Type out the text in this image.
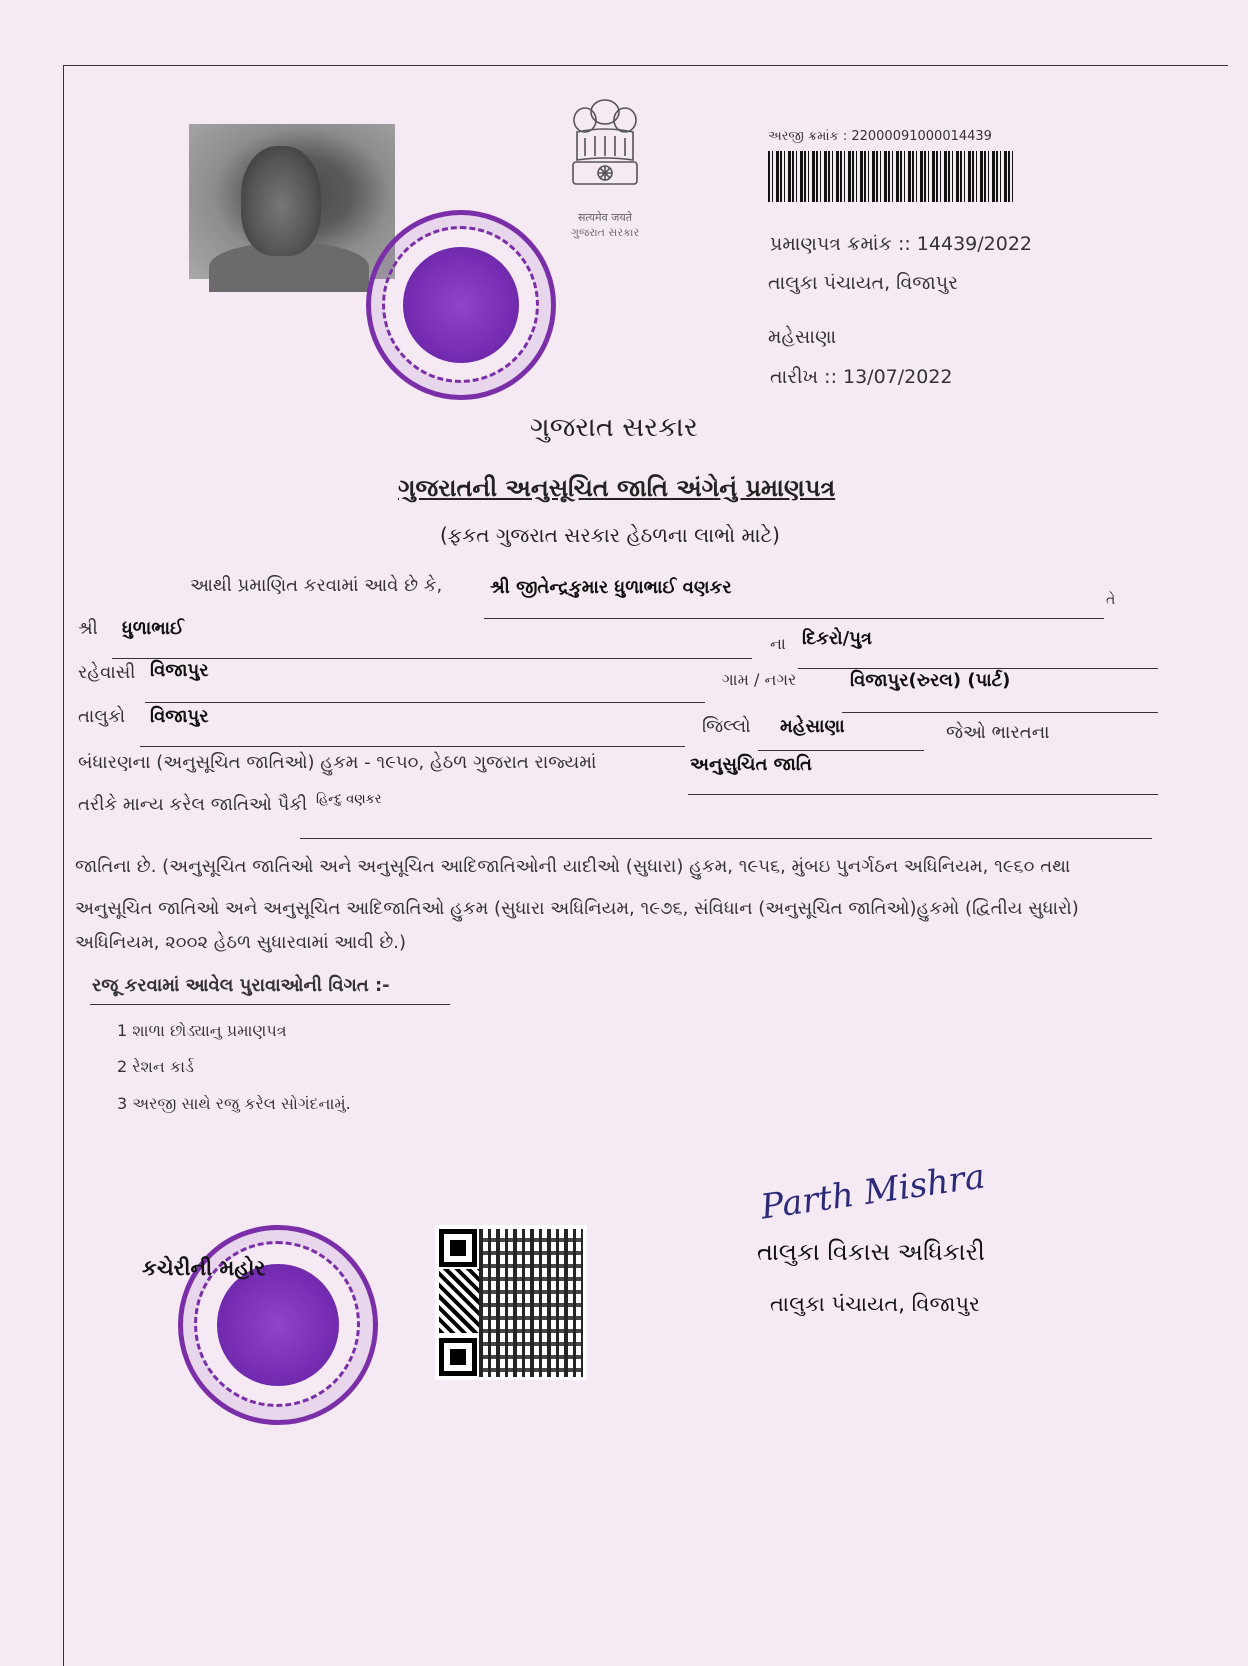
सत्यमेव जयते
ગુજરાત સરકાર
અરજી ક્રમાંક : 22000091000014439
પ્રમાણપત્ર ક્રમાંક :: 14439/2022
તાલુકા પંચાયત, વિજાપુર
મહેસાણા
તારીખ :: 13/07/2022
ગુજરાત સરકાર
ગુજરાતની અનુસૂચિત જાતિ અંગેનું પ્રમાણપત્ર
(ફકત ગુજરાત સરકાર હેઠળના લાભો માટે)
આથી પ્રમાણિત કરવામાં આવે છે કે,	શ્રી જીતેન્દ્રકુમાર ધુળાભાઈ વણકર
તે
શ્રી ધુળાભાઈ
ના દિકરો/પુત્ર
રહેવાસી વિજાપુર	ગામ / નગર	વિજાપુર(રુરલ) (પાર્ટ)
તાલુકો વિજાપુર	જિલ્લો મહેસાણા	જેઓ ભારતના
બંધારણના (અનુસૂચિત જાતિઓ) હુકમ - ૧૯૫૦, હેઠળ ગુજરાત રાજ્યમાં	અનુસુચિત જાતિ
તરીકે માન્ય કરેલ જાતિઓ પૈકી હિન્દુ વણકર
જાતિના છે. (અનુસૂચિત જાતિઓ અને અનુસૂચિત આદિજાતિઓની યાદીઓ (સુધારા) હુકમ, ૧૯૫૬, મુંબઇ પુનર્ગઠન અધિનિયમ, ૧૯૬૦ તથા
અનુસૂચિત જાતિઓ અને અનુસૂચિત આદિજાતિઓ હુકમ (સુધારા અધિનિયમ, ૧૯૭૬, સંવિધાન (અનુસૂચિત જાતિઓ)હુકમો (દ્વિતીય સુધારો)
અધિનિયમ, ૨૦૦૨ હેઠળ સુધારવામાં આવી છે.)
રજૂ કરવામાં આવેલ પુરાવાઓની વિગત :-
1 શાળા છોડ્યાનુ પ્રમાણપત્ર
2 રેશન કાર્ડ
3 અરજી સાથે રજુ કરેલ સોગંદનામું.
કચેરીની મહોર
Parth Mishra
તાલુકા વિકાસ અધિકારી
તાલુકા પંચાયત, વિજાપુર
